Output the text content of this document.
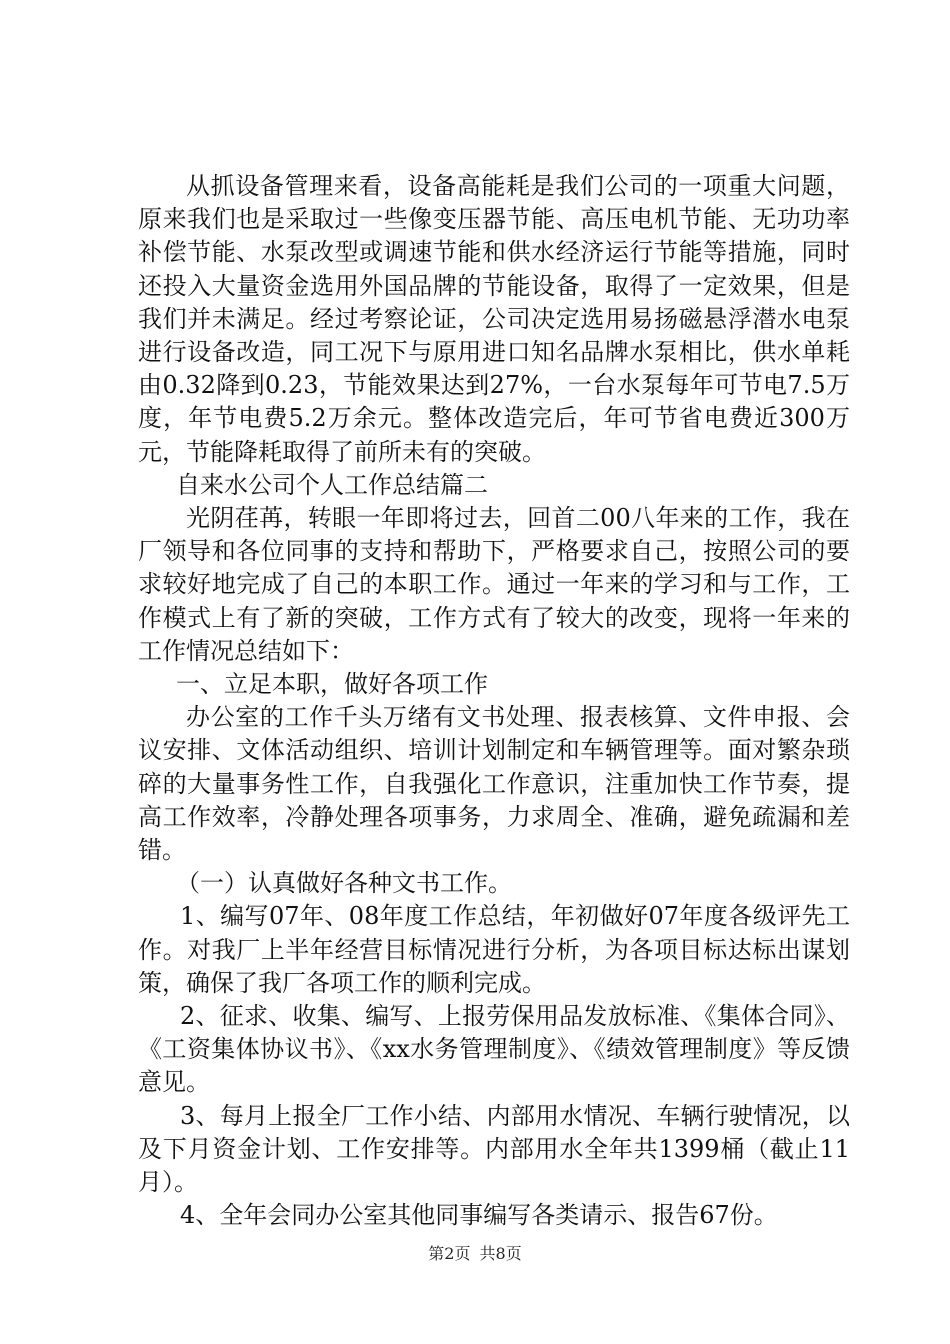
从抓设备管理来看，设备高能耗是我们公司的一项重大问题，原来我们也是采取过一些像变压器节能、高压电机节能、无功功率补偿节能、水泵改型或调速节能和供水经济运行节能等措施，同时还投入大量资金选用外国品牌的节能设备，取得了一定效果，但是我们并未满足。经过考察论证，公司决定选用易扬磁悬浮潜水电泵进行设备改造，同工况下与原用进口知名品牌水泵相比，供水单耗由0.32降到0.23，节能效果达到27%，一台水泵每年可节电7.5万度，年节电费5.2万余元。整体改造完后，年可节省电费近300万元，节能降耗取得了前所未有的突破。

自来水公司个人工作总结篇二

光阴荏苒，转眼一年即将过去，回首二00八年来的工作，我在厂领导和各位同事的支持和帮助下，严格要求自己，按照公司的要求较好地完成了自己的本职工作。通过一年来的学习和与工作，工作模式上有了新的突破，工作方式有了较大的改变，现将一年来的工作情况总结如下：

一、立足本职，做好各项工作

办公室的工作千头万绪有文书处理、报表核算、文件申报、会议安排、文体活动组织、培训计划制定和车辆管理等。面对繁杂琐碎的大量事务性工作，自我强化工作意识，注重加快工作节奏，提高工作效率，冷静处理各项事务，力求周全、准确，避免疏漏和差错。

（一）认真做好各种文书工作。

1、编写07年、08年度工作总结，年初做好07年度各级评先工作。对我厂上半年经营目标情况进行分析，为各项目标达标出谋划策，确保了我厂各项工作的顺利完成。

2、征求、收集、编写、上报劳保用品发放标准、《集体合同》、《工资集体协议书》、《xx水务管理制度》、《绩效管理制度》等反馈意见。

3、每月上报全厂工作小结、内部用水情况、车辆行驶情况，以及下月资金计划、工作安排等。内部用水全年共1399桶（截止11月）。

4、全年会同办公室其他同事编写各类请示、报告67份。

第2页 共8页
